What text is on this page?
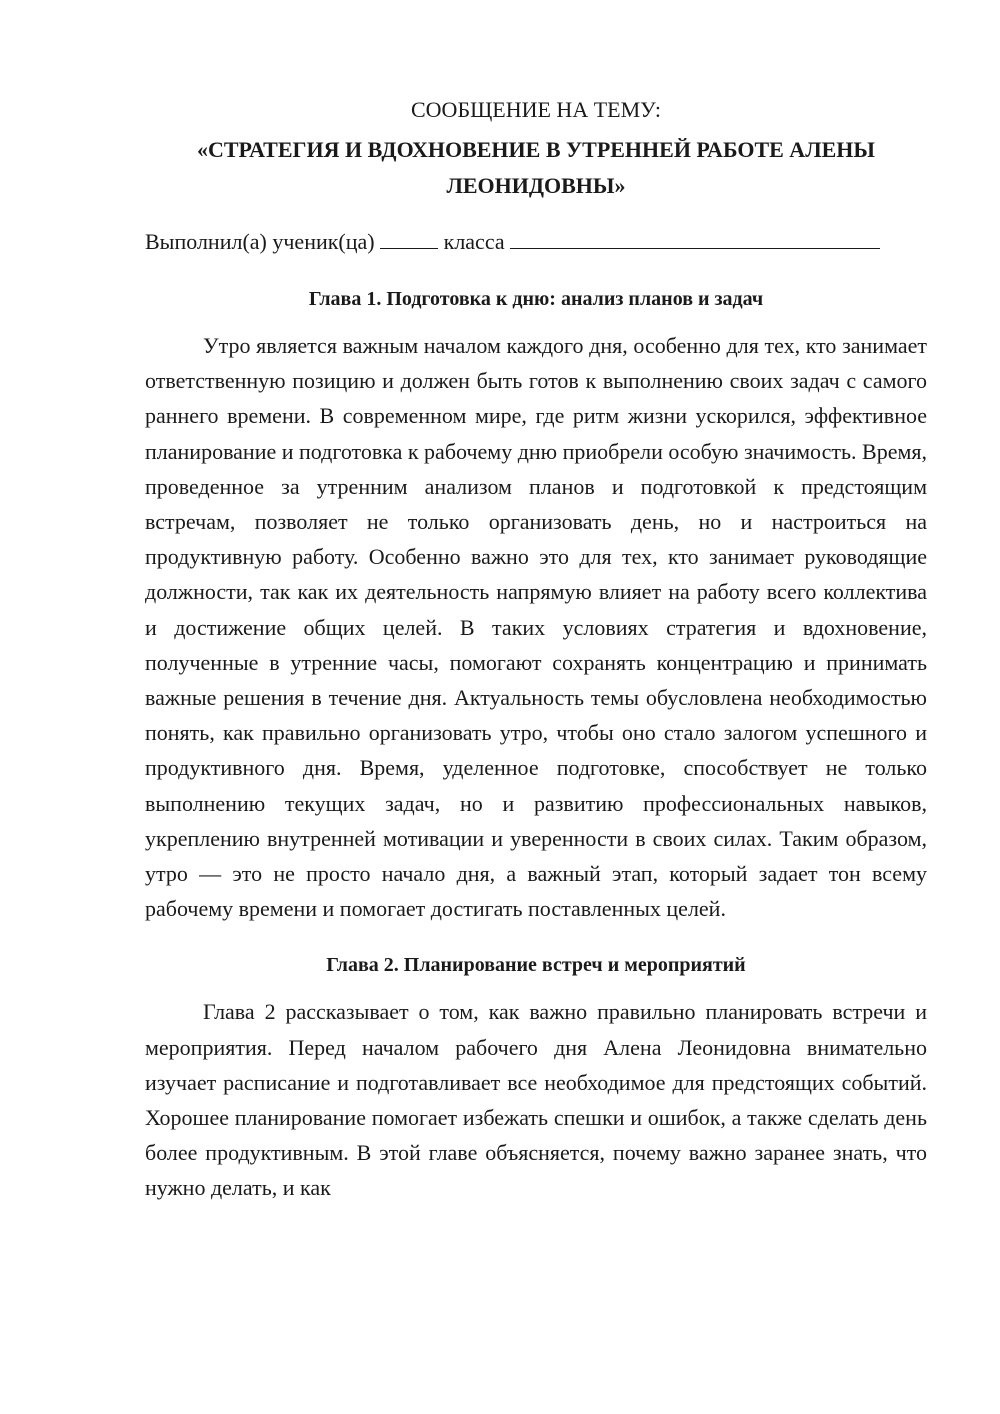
СООБЩЕНИЕ НА ТЕМУ:

«СТРАТЕГИЯ И ВДОХНОВЕНИЕ В УТРЕННЕЙ РАБОТЕ АЛЕНЫ ЛЕОНИДОВНЫ»

Выполнил(а) ученик(ца)	класса

Глава 1. Подготовка к дню: анализ планов и задач

Утро является важным началом каждого дня, особенно для тех, кто занимает ответственную позицию и должен быть готов к выполнению своих задач с самого раннего времени. В современном мире, где ритм жизни ускорился, эффективное планирование и подготовка к рабочему дню приобрели особую значимость. Время, проведенное за утренним анализом планов и подготовкой к предстоящим встречам, позволяет не только организовать день, но и настроиться на продуктивную работу. Особенно важно это для тех, кто занимает руководящие должности, так как их деятельность напрямую влияет на работу всего коллектива и достижение общих целей. В таких условиях стратегия и вдохновение, полученные в утренние часы, помогают сохранять концентрацию и принимать важные решения в течение дня. Актуальность темы обусловлена необходимостью понять, как правильно организовать утро, чтобы оно стало залогом успешного и продуктивного дня. Время, уделенное подготовке, способствует не только выполнению текущих задач, но и развитию профессиональных навыков, укреплению внутренней мотивации и уверенности в своих силах. Таким образом, утро — это не просто начало дня, а важный этап, который задает тон всему рабочему времени и помогает достигать поставленных целей.

Глава 2. Планирование встреч и мероприятий

Глава 2 рассказывает о том, как важно правильно планировать встречи и мероприятия. Перед началом рабочего дня Алена Леонидовна внимательно изучает расписание и подготавливает все необходимое для предстоящих событий. Хорошее планирование помогает избежать спешки и ошибок, а также сделать день более продуктивным. В этой главе объясняется, почему важно заранее знать, что нужно делать, и как
